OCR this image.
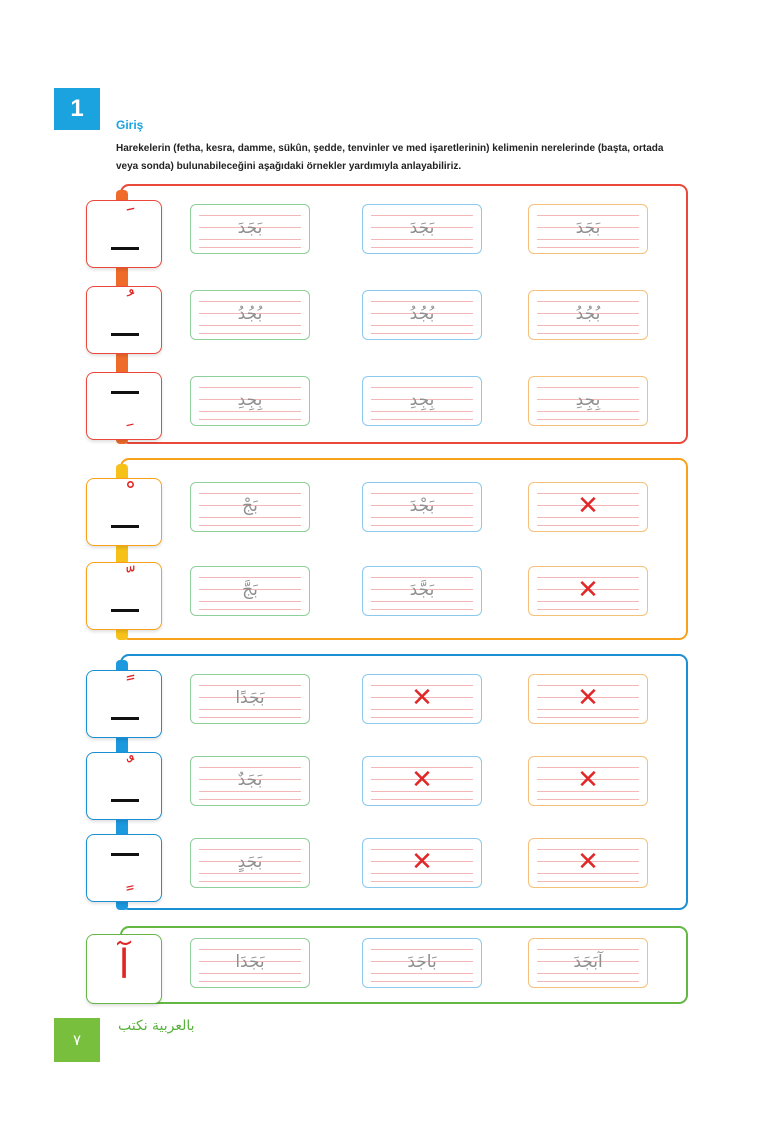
1
Giriş
Harekelerin (fetha, kesra, damme, sükûn, şedde, tenvinler ve med işaretlerinin) kelimenin nerelerinde (başta, ortada veya sonda) bulunabileceğini aşağıdaki örnekler yardımıyla anlayabiliriz.
بَجَدَ	بَجَدَ	بَجَدَ
بُجُدُ	بُجُدُ	بُجُدُ
بِجِدِ	بِجِدِ	بِجِدِ
بَجْ	بَجْدَ	✕
بَجَّ	بَجَّدَ	✕
بَجَدًا	✕	✕
بَجَدٌ	✕	✕
بَجَدٍ	✕	✕
آ	بَجَدَا	بَاجَدَ	آبَجَدَ
٧
بالعربية نكتب
